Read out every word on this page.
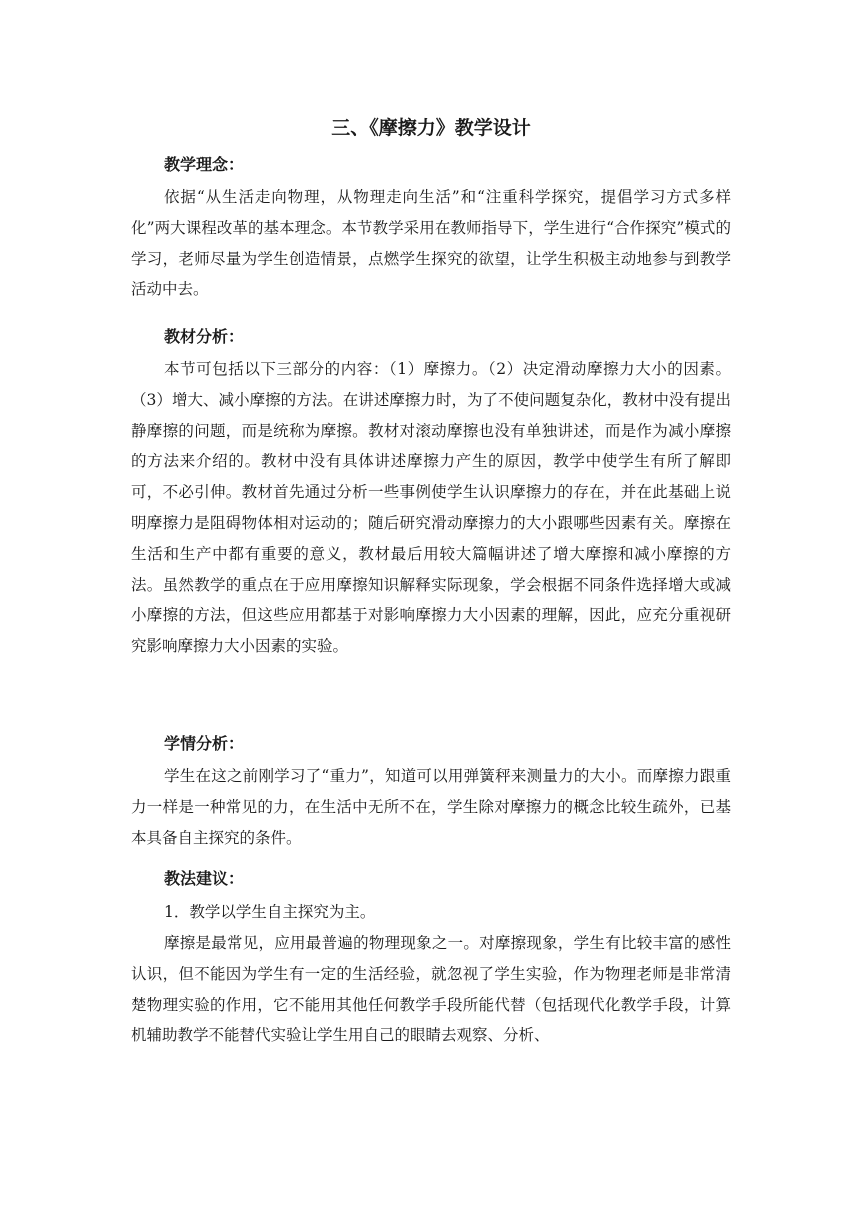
三、《摩擦力》教学设计
教学理念：
依据“从生活走向物理，从物理走向生活”和“注重科学探究，提倡学习方式多样化”两大课程改革的基本理念。本节教学采用在教师指导下，学生进行“合作探究”模式的学习，老师尽量为学生创造情景，点燃学生探究的欲望，让学生积极主动地参与到教学活动中去。
教材分析：
本节可包括以下三部分的内容：（1）摩擦力。（2）决定滑动摩擦力大小的因素。（3）增大、减小摩擦的方法。在讲述摩擦力时，为了不使问题复杂化，教材中没有提出静摩擦的问题，而是统称为摩擦。教材对滚动摩擦也没有单独讲述，而是作为减小摩擦的方法来介绍的。教材中没有具体讲述摩擦力产生的原因，教学中使学生有所了解即可，不必引伸。教材首先通过分析一些事例使学生认识摩擦力的存在，并在此基础上说明摩擦力是阻碍物体相对运动的；随后研究滑动摩擦力的大小跟哪些因素有关。摩擦在生活和生产中都有重要的意义，教材最后用较大篇幅讲述了增大摩擦和减小摩擦的方法。虽然教学的重点在于应用摩擦知识解释实际现象，学会根据不同条件选择增大或减小摩擦的方法，但这些应用都基于对影响摩擦力大小因素的理解，因此，应充分重视研究影响摩擦力大小因素的实验。
学情分析：
学生在这之前刚学习了“重力”，知道可以用弹簧秤来测量力的大小。而摩擦力跟重力一样是一种常见的力，在生活中无所不在，学生除对摩擦力的概念比较生疏外，已基本具备自主探究的条件。
教法建议：
1．教学以学生自主探究为主。
摩擦是最常见，应用最普遍的物理现象之一。对摩擦现象，学生有比较丰富的感性认识，但不能因为学生有一定的生活经验，就忽视了学生实验，作为物理老师是非常清楚物理实验的作用，它不能用其他任何教学手段所能代替（包括现代化教学手段，计算机辅助教学不能替代实验让学生用自己的眼睛去观察、分析、
